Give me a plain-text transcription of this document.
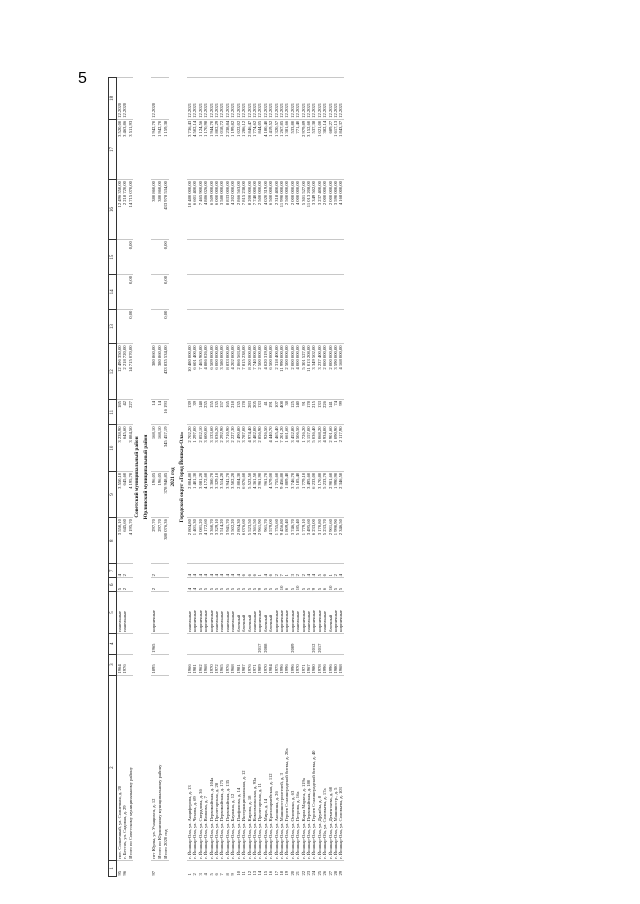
5
1	2	3	4	5	6	7	8	9	10	11	12	13	14	15	16	17	18
95	пос. Солнечный, ул. Солнечная, д. 20	1964		панельные	5	4	3 550,10	3 550,10	3 238,90	185	12 496 350,00				12 496 350,00	3 520,00	12.2020
96	г. Бестях, ул. Садовая, д. 29	1976		панельные	2	2	645,60	645,60	645,60	42	2 218 720,00				2 218 720,00	3 463,86	12.2020
	Итого по Советскому муниципальному району						4 195,70	4 195,70	3 884,50	227	14 715 070,00	0,00	0,00	0,00	14 715 070,00	3 511,93	
Советский муниципальный район																	
Юрлинский муниципальный район																	
97	пгт Юрлы, ул. Учащихся, д. 12	1895	1965	кирпичные	2	2	297,70	196,05	168,10	14	380 860,00				380 860,00	1 942,70	12.2020
	Итого по Юрлинскому муниципальному району						297,70	196,05	168,10	14	380 860,00				380 860,00	1 942,70	
	Итого 2020 год						380 076,36	378 948,85	345 457,19	16 193	433 835 534,00	0,00	0,00	0,00	433 978 534,00	1 159,38	
2021 год																	
Городской округ «Город Йошкар-Ола»																	
1	г. Йошкар-Ола, ул. Анциферова, д. 13	1966		панельные	4	4	2 804,80	2 804,80	2 702,20	139	10 480 000,00				10 480 000,00	3 736,43	12.2021
2	г. Йошкар-Ола, ул. Чехова, д. 69	1981		кирпичные	4	4	1 401,30	1 401,30	1 297,00	39	6 601 400,00				6 601 400,00	4 502,14	12.2021
3	г. Йошкар-Ола, ул. Свердлова, д. 36	1962		кирпичные	5	4	3 081,20	3 081,20	2 852,10	148	7 465 900,00				7 465 900,00	1 124,56	12.2021
4	г. Йошкар-Ола, ул. Волкова, д. 7	1968		кирпичные	5	4	4 172,60	4 172,60	3 600,00	235	4 886 026,00				4 886 026,00	1 170,98	12.2021
5	г. Йошкар-Ола, ул. Первомайская, д. 104а	1970		кирпичные	5	4	3 360,70	3 360,70	3 133,60	155	6 509 000,00				6 509 000,00	1 944,70	12.2021
6	г. Йошкар-Ола, ул. Пролетарская, д. 28	1972		панельные	5	4	3 329,10	3 329,10	3 036,20	135	6 000 000,00				6 000 000,00	1 802,29	12.2021
7	г. Йошкар-Ола, ул. Первомайская, д. 175	1965		панельные	5	4	3 514,20	3 514,20	2 292,90	157	3 580 000,00				3 580 000,00	1 018,72	12.2021
8	г. Йошкар-Ола, ул. Первомайская, д. 135	1976		панельные	5	4	3 941,70	3 941,70	3 710,90	165	8 833 000,00				8 833 000,00	2 238,84	12.2021
9	г. Йошкар-Ола, ул. Баумана, д. 12	1968		панельные	5	4	3 502,20	3 502,20	2 227,30	218	4 202 000,00				4 202 000,00	1 199,82	12.2021
10	г. Йошкар-Ола, ул. Панфилова, д. 14	1981		блочный	5	4	2 804,30	2 804,30	2 490,80	135	2 866 563,00				2 866 563,00	1 022,02	12.2021
11	г. Йошкар-Ола, ул. Интернациональная, д. 12	1987		блочный	5	6	6 076,60	6 076,60	3 787,00	178	7 815 238,00				7 815 238,00	1 286,12	12.2021
12	г. Йошкар-Ола, ул. Кирова, д. 18	1976		блочный	5	6	5 523,50	5 523,50	4 974,40	283	8 200 000,00				8 200 000,00	2 846,47	12.2021
13	г. Йошкар-Ола, ул. Комсомольская, д. 93а	1971		панельные	5	6	4 361,50	4 361,50	3 482,00	205	7 740 000,00				7 740 000,00	1 774,62	12.2021
14	г. Йошкар-Ола, ул. Пролетарская, д. 11	1989	2017	кирпичные	9	1	2 961,90	2 961,90	2 856,90	133	2 500 000,00				2 500 000,00	844,05	12.2021
15	г. Йошкар-Ола, ул. Мира, д. 14	1970	2008	блочный	5	4	961,70	961,70	926,50	41	4 020 319,00				4 020 319,00	4 180,40	12.2021
16	г. Йошкар-Ола, ул. Красноармейская, д. 112	1984		блочный	5	6	4 579,00	4 579,00	4 440,70	191	6 500 000,00				6 500 000,00	1 419,52	12.2021
17	г. Йошкар-Ола, ул. Аношина, д. 26	1975		кирпичные	5	2	1 755,60	1 755,60	1 465,40	107	2 318 400,00				2 318 400,00	1 320,57	12.2021
18	г. Йошкар-Ола, ул. Машиностроителей, д. 3	1996		кирпичные	10	7	9 456,80	9 456,80	7 201,20	408	11 990 000,00				11 990 000,00	1 267,85	12.2021
19	г. Йошкар-Ола, ул. Героев Сталинградской битвы, д. 20а	1996		кирпичные	6	1	1 809,40	1 809,40	1 661,60	38	2 500 000,00				2 500 000,00	1 381,66	12.2021
20	г. Йошкар-Ола, ул. Осипенко, д. 63	1996	2009	кирпичные	5	3	3 746,70	3 746,70	3 452,80	125	2 000 000,00				2 000 000,00	533,80	12.2021
21	г. Йошкар-Ола, ул. Петрова, д. 16а	1970		панельные	10	2	5 185,40	5 185,40	4 506,50	140	4 000 000,00				4 000 000,00	771,40	12.2021
22	г. Йошкар-Ола, ул. Карла Маркса, д. 119а	1971		кирпичные	5	2	1 779,10	1 779,10	1 726,20	91	5 301 527,00				5 301 527,00	2 979,89	12.2021
23	г. Йошкар-Ола, ул. Первомайская, д. 180	1967		панельные	5	4	3 495,60	3 495,60	3 157,00	178	11 013 208,00				11 013 208,00	3 152,60	12.2021
24	г. Йошкар-Ола, ул. Героев Сталинградской битвы, д. 40	1980	2012	кирпичные	9	4	6 233,00	6 233,00	5 036,40	215	3 349 502,00				3 349 502,00	537,38	12.2021
25	г. Йошкар-Ола, ул. Дружбы, д. 8	1978	2017	кирпичные	5	5	3 170,80	3 170,80	3 068,20	133	3 237 400,00				3 237 400,00	1 021,00	12.2021
26	г. Йошкар-Ola, ул. Соловьева, д. 17а	1996		панельные	6	6	5 233,70	5 233,70	4 934,00	226	2 000 000,00				2 000 000,00	382,14	12.2021
27	г. Йошкар-Ола, ул. Дементьева, д. 60	1996		блочный	10	1	2 901,60	2 901,60	2 901,60	141	2 000 000,00				2 000 000,00	689,27	12.2021
28	г. Йошкар-Ола, ул. Машиностр., д. 5	1980		кирпичные	5	2	1 990,90	1 990,90	1 090,90	74	3 590 000,00				3 590 000,00	1 617,13	12.2021
29	г. Йошкар-Ола, ул. Соловьева, д. 103	1968		кирпичные	5	4	2 346,50	2 346,50	2 117,90	99	4 168 000,00				4 168 000,00	1 843,37	12.2021
